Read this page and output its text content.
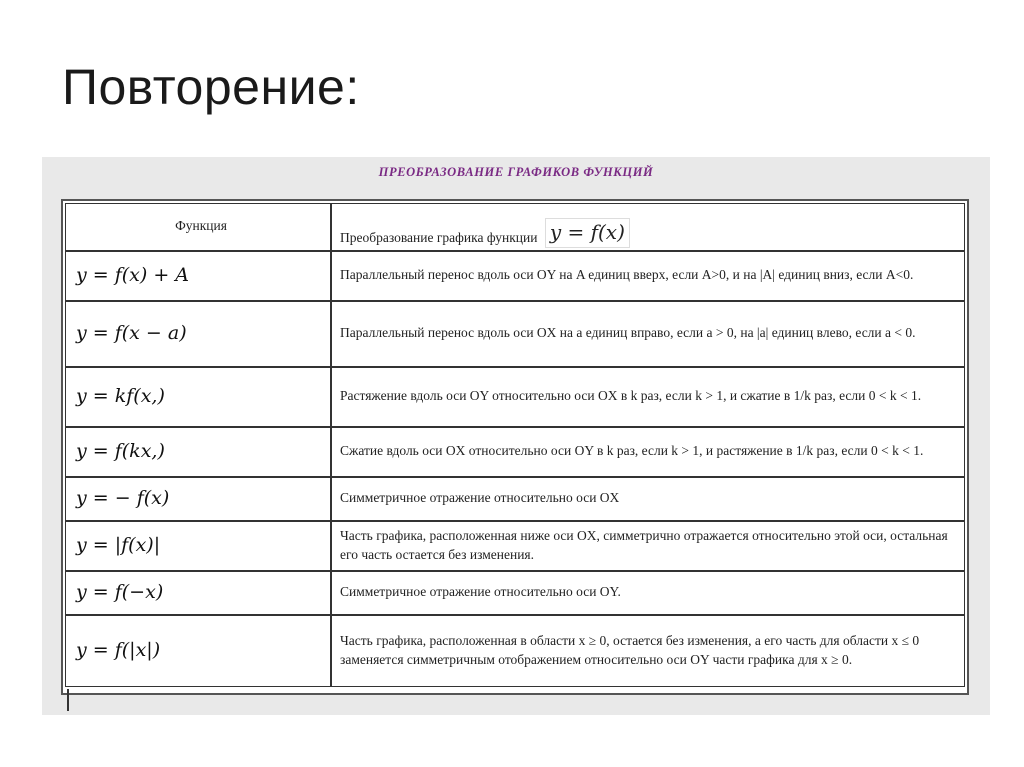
Повторение:
ПРЕОБРАЗОВАНИЕ ГРАФИКОВ ФУНКЦИЙ
Функция	Преобразование графика функции y = f(x)
y = f(x) + A	Параллельный перенос вдоль оси OY на A единиц вверх, если A>0, и на |A| единиц вниз, если A<0.
y = f(x − a)	Параллельный перенос вдоль оси OX на a единиц вправо, если a > 0, на |a| единиц влево, если a < 0.
y = kf(x,)	Растяжение вдоль оси OY относительно оси OX в k раз, если k > 1, и сжатие в 1/k раз, если 0 < k < 1.
y = f(kx,)	Сжатие вдоль оси OX относительно оси OY в k раз, если k > 1, и растяжение в 1/k раз, если 0 < k < 1.
y = − f(x)	Симметричное отражение относительно оси OX
y = |f(x)|	Часть графика, расположенная ниже оси OX, симметрично отражается относительно этой оси, остальная его часть остается без изменения.
y = f(−x)	Симметричное отражение относительно оси OY.
y = f(|x|)	Часть графика, расположенная в области x ≥ 0, остается без изменения, а его часть для области x ≤ 0 заменяется симметричным отображением относительно оси OY части графика для x ≥ 0.
